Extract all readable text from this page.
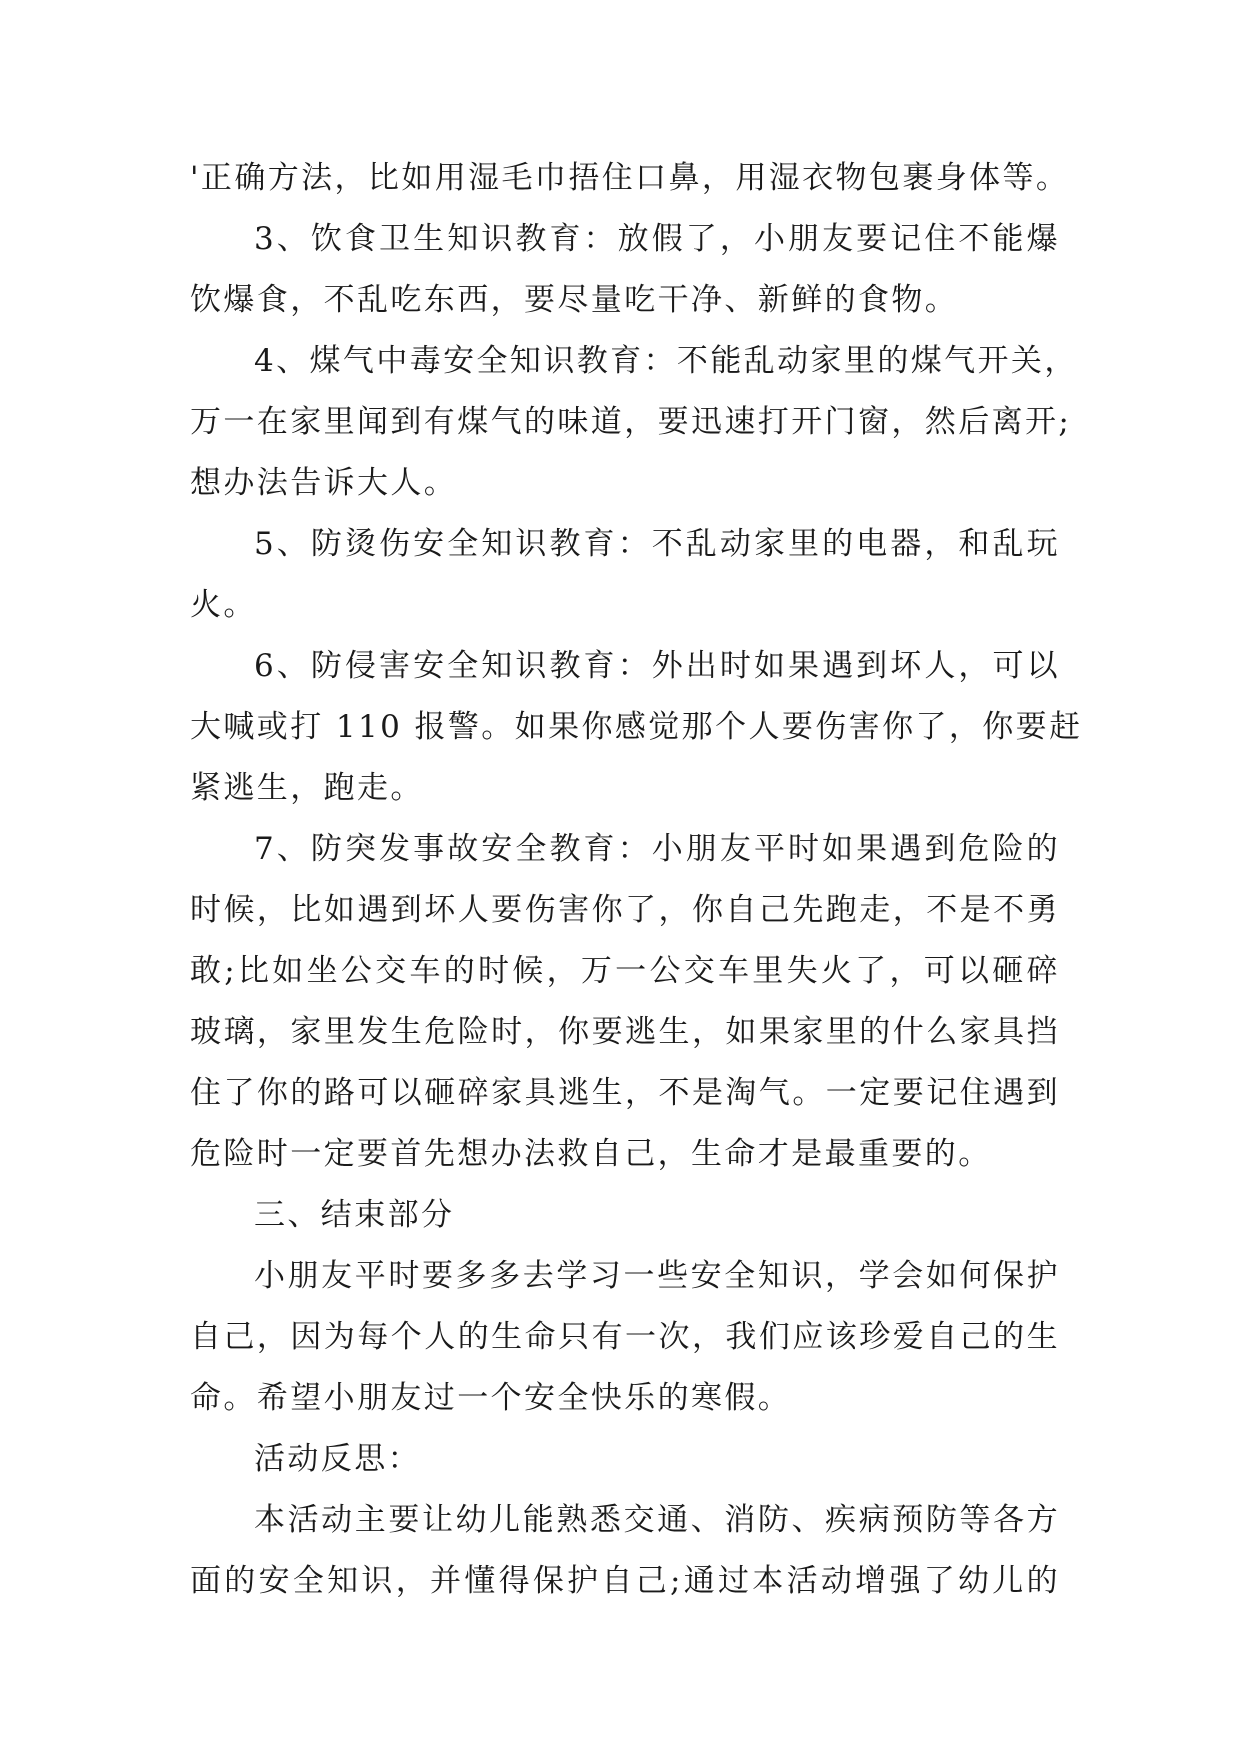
'正确方法，比如用湿毛巾捂住口鼻，用湿衣物包裹身体等。
3、饮食卫生知识教育：放假了，小朋友要记住不能爆
饮爆食，不乱吃东西，要尽量吃干净、新鲜的食物。
4、煤气中毒安全知识教育：不能乱动家里的煤气开关，
万一在家里闻到有煤气的味道，要迅速打开门窗，然后离开;
想办法告诉大人。
5、防烫伤安全知识教育：不乱动家里的电器，和乱玩
火。
6、防侵害安全知识教育：外出时如果遇到坏人，可以
大喊或打 110 报警。如果你感觉那个人要伤害你了，你要赶
紧逃生，跑走。
7、防突发事故安全教育：小朋友平时如果遇到危险的
时候，比如遇到坏人要伤害你了，你自己先跑走，不是不勇
敢;比如坐公交车的时候，万一公交车里失火了，可以砸碎
玻璃，家里发生危险时，你要逃生，如果家里的什么家具挡
住了你的路可以砸碎家具逃生，不是淘气。一定要记住遇到
危险时一定要首先想办法救自己，生命才是最重要的。
三、结束部分
小朋友平时要多多去学习一些安全知识，学会如何保护
自己，因为每个人的生命只有一次，我们应该珍爱自己的生
命。希望小朋友过一个安全快乐的寒假。
活动反思：
本活动主要让幼儿能熟悉交通、消防、疾病预防等各方
面的安全知识，并懂得保护自己;通过本活动增强了幼儿的
